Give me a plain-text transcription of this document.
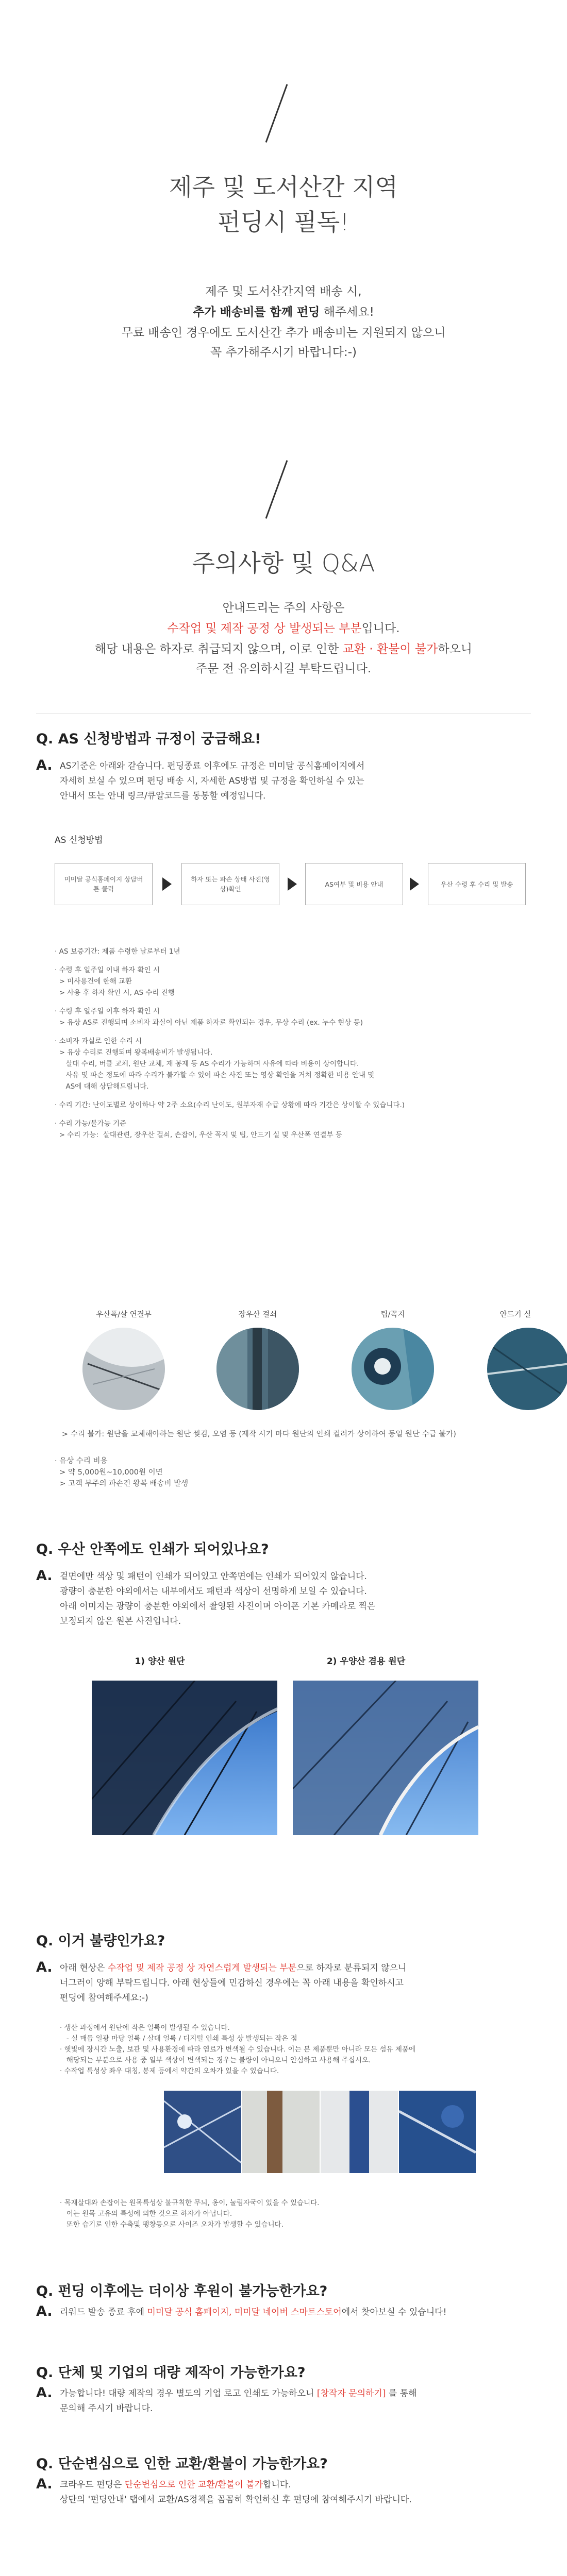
제주 및 도서산간 지역
펀딩시 필독!
제주 및 도서산간지역 배송 시,
추가 배송비를 함께 펀딩 해주세요!
무료 배송인 경우에도 도서산간 추가 배송비는 지원되지 않으니
꼭 추가해주시기 바랍니다:-)
주의사항 및 Q&A
안내드리는 주의 사항은
수작업 및 제작 공정 상 발생되는 부분입니다.
해당 내용은 하자로 취급되지 않으며, 이로 인한 교환 · 환불이 불가하오니
주문 전 유의하시길 부탁드립니다.
Q. AS 신청방법과 규정이 궁금해요!
A. AS기준은 아래와 같습니다. 펀딩종료 이후에도 규정은 미미달 공식홈페이지에서
자세히 보실 수 있으며 펀딩 배송 시, 자세한 AS방법 및 규정을 확인하실 수 있는
안내서 또는 안내 링크/큐알코드를 동봉할 예정입니다.
AS 신청방법
미미달 공식홈페이지 상담버튼 클릭
하자 또는 파손 상태 사진(영상)확인
AS여부 및 비용 안내	우산 수령 후 수리 및 발송
· AS 보증기간: 제품 수령한 날로부터 1년
· 수령 후 일주일 이내 하자 확인 시
> 미사용건에 한해 교환
> 사용 후 하자 확인 시, AS 수리 진행
· 수령 후 일주일 이후 하자 확인 시
> 유상 AS로 진행되며 소비자 과실이 아닌 제품 하자로 확인되는 경우, 무상 수리 (ex. 누수 현상 등)
· 소비자 과실로 인한 수리 시
> 유상 수리로 진행되며 왕복배송비가 발생됩니다.
살대 수리, 버클 교체, 원단 교체, 재 봉제 등 AS 수리가 가능하며 사유에 따라 비용이 상이합니다.
사유 및 파손 정도에 따라 수리가 불가할 수 있어 파손 사진 또는 영상 확인을 거쳐 정확한 비용 안내 및
AS에 대해 상담해드립니다.
· 수리 기간: 난이도별로 상이하나 약 2주 소요(수리 난이도, 원부자재 수급 상황에 따라 기간은 상이할 수 있습니다.)
· 수리 가능/불가능 기준
> 수리 가능:  살대관련, 장우산 걸쇠, 손잡이, 우산 꼭지 및 팁, 안드기 실 및 우산폭 연결부 등
우산폭/살 연결부	장우산 걸쇠	팁/꼭지	안드기 실
> 수리 불가: 원단을 교체해야하는 원단 찢김, 오염 등 (제작 시기 마다 원단의 인쇄 컬러가 상이하여 동일 원단 수급 불가)
· 유상 수리 비용
> 약 5,000원~10,000원 이면
> 고객 부주의 파손건 왕복 배송비 발생
Q. 우산 안쪽에도 인쇄가 되어있나요?
A. 겉면에만 색상 및 패턴이 인쇄가 되어있고 안쪽면에는 인쇄가 되어있지 않습니다.
광량이 충분한 야외에서는 내부에서도 패턴과 색상이 선명하게 보일 수 있습니다.
아래 이미지는 광량이 충분한 야외에서 촬영된 사진이며 아이폰 기본 카메라로 찍은
보정되지 않은 원본 사진입니다.
1) 양산 원단	2) 우양산 겸용 원단
Q. 이거 불량인가요?
A. 아래 현상은 수작업 및 제작 공정 상 자연스럽게 발생되는 부분으로 하자로 분류되지 않으니
너그러이 양해 부탁드립니다. 아래 현상들에 민감하신 경우에는 꼭 아래 내용을 확인하시고
펀딩에 참여해주세요:-)
· 생산 과정에서 원단에 작은 얼룩이 발생될 수 있습니다.
- 실 매듭 일광 마당 얼룩 / 살대 얼룩 / 디지털 인쇄 특성 상 발생되는 작은 점
· 햇빛에 장시간 노출, 보관 및 사용환경에 따라 염료가 변색될 수 있습니다. 이는 본 제품뿐만 아니라 모든 섬유 제품에
해당되는 부분으로 사용 중 일부 색상이 변색되는 경우는 불량이 아니오니 안심하고 사용해 주십시오.
· 수작업 특성상 좌우 대칭, 봉제 등에서 약간의 오차가 있을 수 있습니다.
· 목재살대와 손잡이는 원목특성상 불규칙한 무늬, 옹이, 눌림자국이 있을 수 있습니다.
이는 원목 고유의 특성에 의한 것으로 하자가 아닙니다.
또한 습기로 인한 수축및 팽창등으로 사이즈 오차가 발생할 수 있습니다.
Q. 펀딩 이후에는 더이상 후원이 불가능한가요?
A. 리워드 발송 종료 후에 미미달 공식 홈페이지, 미미달 네이버 스마트스토어에서 찾아보실 수 있습니다!
Q. 단체 및 기업의 대량 제작이 가능한가요?
A. 가능합니다! 대량 제작의 경우 별도의 기업 로고 인쇄도 가능하오니 [창작자 문의하기] 를 통해
문의해 주시기 바랍니다.
Q. 단순변심으로 인한 교환/환불이 가능한가요?
A. 크라우드 펀딩은 단순변심으로 인한 교환/환불이 불가합니다.
상단의 '펀딩안내' 탭에서 교환/AS정책을 꼼꼼히 확인하신 후 펀딩에 참여해주시기 바랍니다.
